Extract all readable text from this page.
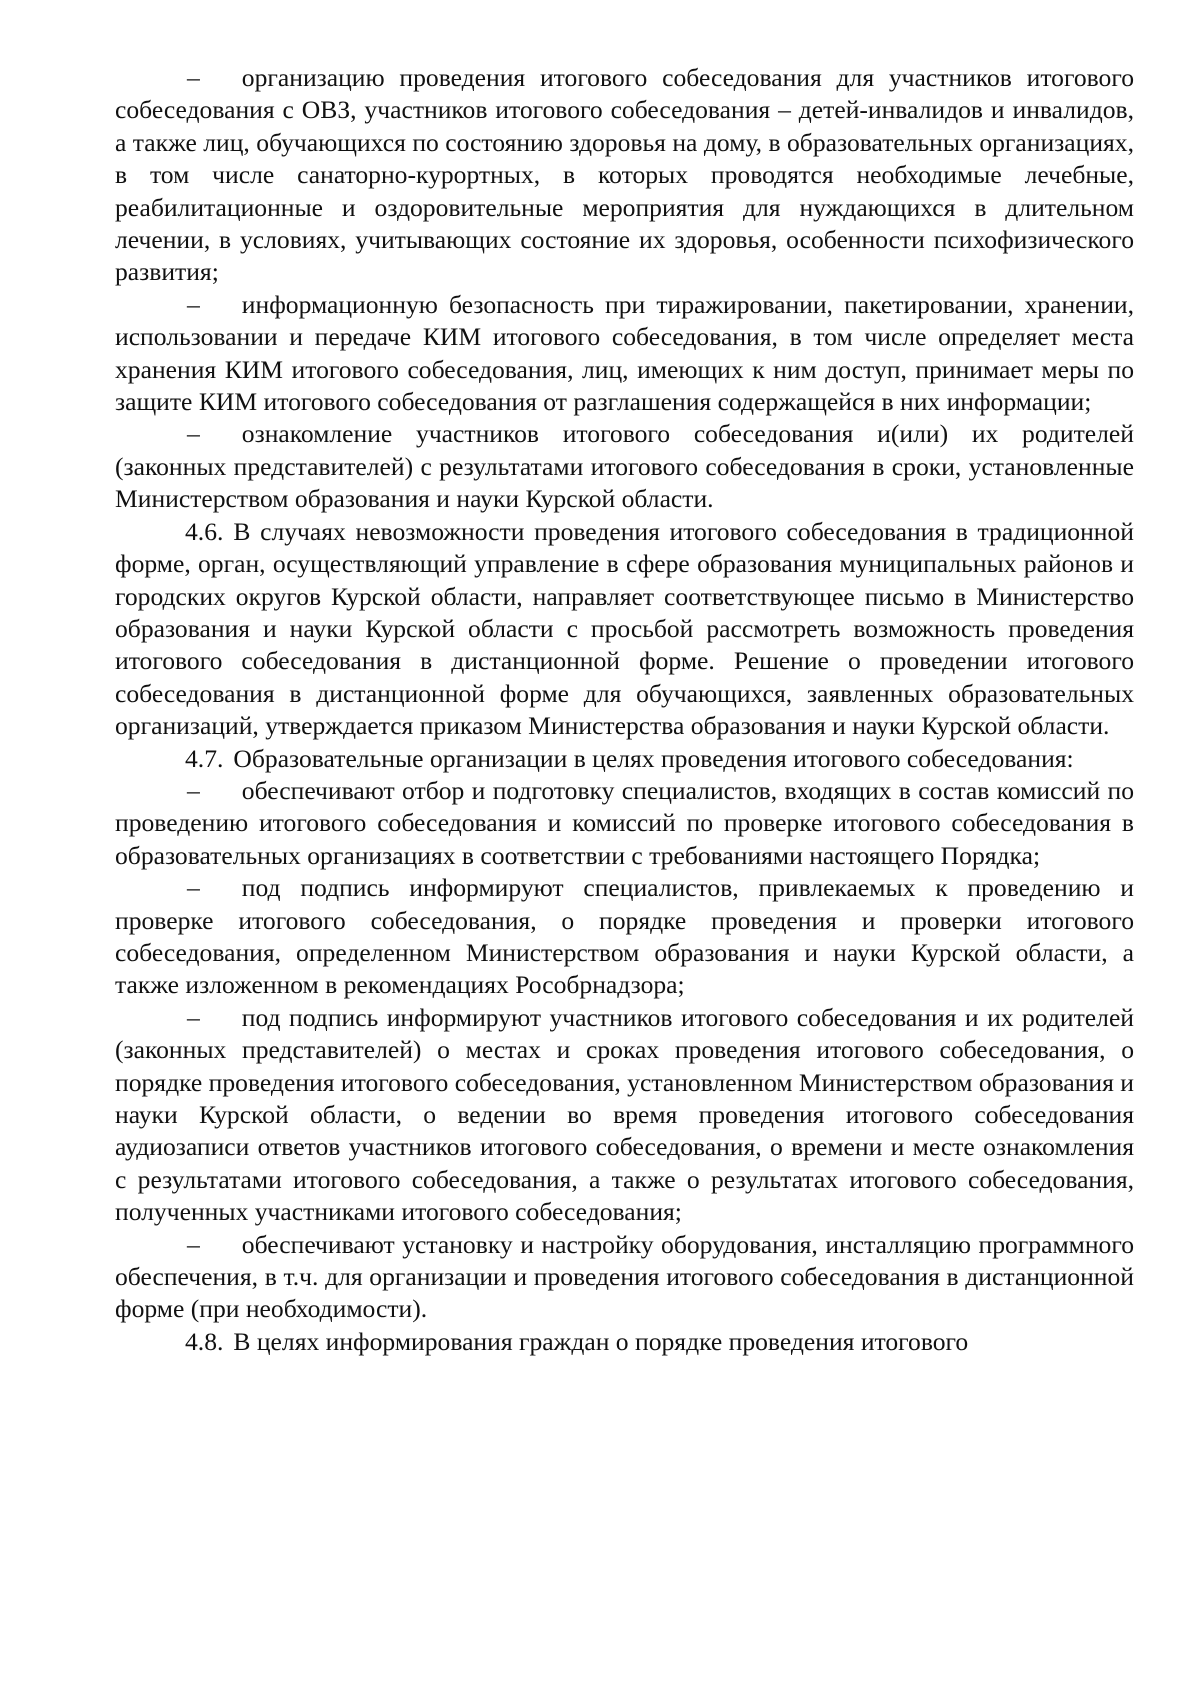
– организацию проведения итогового собеседования для участников итогового собеседования с ОВЗ, участников итогового собеседования – детей-инвалидов и инвалидов, а также лиц, обучающихся по состоянию здоровья на дому, в образовательных организациях, в том числе санаторно-курортных, в которых проводятся необходимые лечебные, реабилитационные и оздоровительные мероприятия для нуждающихся в длительном лечении, в условиях, учитывающих состояние их здоровья, особенности психофизического развития;

– информационную безопасность при тиражировании, пакетировании, хранении, использовании и передаче КИМ итогового собеседования, в том числе определяет места хранения КИМ итогового собеседования, лиц, имеющих к ним доступ, принимает меры по защите КИМ итогового собеседования от разглашения содержащейся в них информации;

– ознакомление участников итогового собеседования и(или) их родителей (законных представителей) с результатами итогового собеседования в сроки, установленные Министерством образования и науки Курской области.

4.6. В случаях невозможности проведения итогового собеседования в традиционной форме, орган, осуществляющий управление в сфере образования муниципальных районов и городских округов Курской области, направляет соответствующее письмо в Министерство образования и науки Курской области с просьбой рассмотреть возможность проведения итогового собеседования в дистанционной форме. Решение о проведении итогового собеседования в дистанционной форме для обучающихся, заявленных образовательных организаций, утверждается приказом Министерства образования и науки Курской области.

4.7. Образовательные организации в целях проведения итогового собеседования:

– обеспечивают отбор и подготовку специалистов, входящих в состав комиссий по проведению итогового собеседования и комиссий по проверке итогового собеседования в образовательных организациях в соответствии с требованиями настоящего Порядка;

– под подпись информируют специалистов, привлекаемых к проведению и проверке итогового собеседования, о порядке проведения и проверки итогового собеседования, определенном Министерством образования и науки Курской области, а также изложенном в рекомендациях Рособрнадзора;

– под подпись информируют участников итогового собеседования и их родителей (законных представителей) о местах и сроках проведения итогового собеседования, о порядке проведения итогового собеседования, установленном Министерством образования и науки Курской области, о ведении во время проведения итогового собеседования аудиозаписи ответов участников итогового собеседования, о времени и месте ознакомления с результатами итогового собеседования, а также о результатах итогового собеседования, полученных участниками итогового собеседования;

– обеспечивают установку и настройку оборудования, инсталляцию программного обеспечения, в т.ч. для организации и проведения итогового собеседования в дистанционной форме (при необходимости).

4.8. В целях информирования граждан о порядке проведения итогового
